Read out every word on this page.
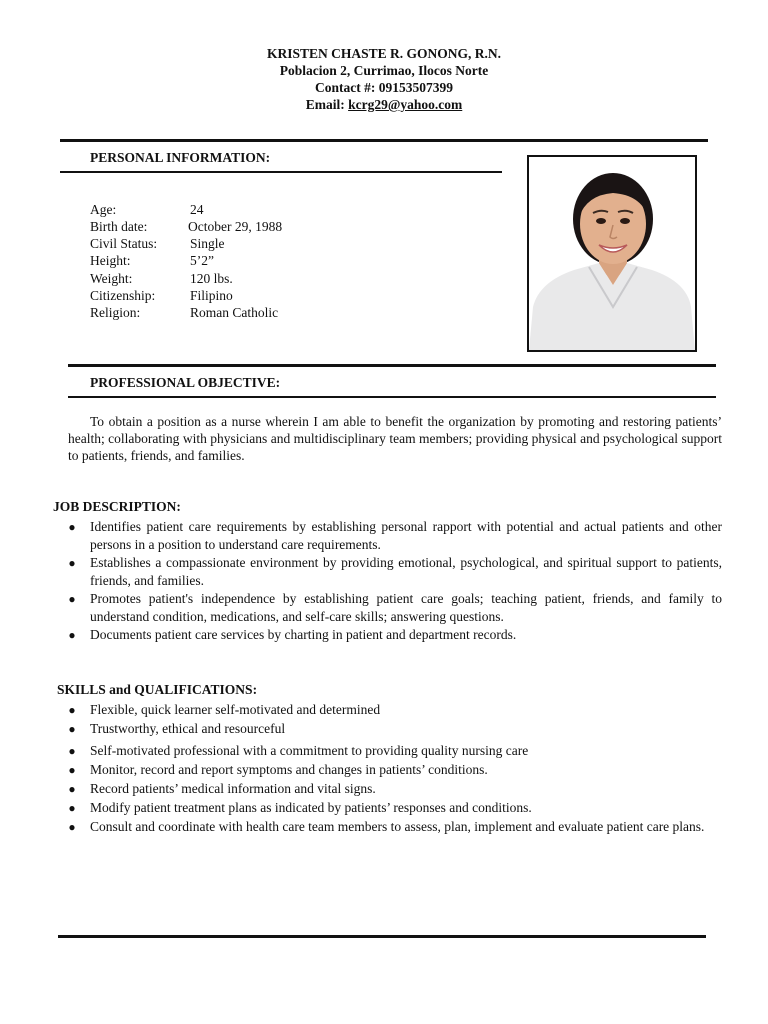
KRISTEN CHASTE R. GONONG, R.N.
Poblacion 2, Currimao, Ilocos Norte
Contact #: 09153507399
Email: kcrg29@yahoo.com
PERSONAL INFORMATION:
Age:	24
Birth date:	October 29, 1988
Civil Status: Single
Height:	5’2”
Weight:	120 lbs.
Citizenship:	Filipino
Religion:	Roman Catholic
PROFESSIONAL OBJECTIVE:
To obtain a position as a nurse wherein I am able to benefit the organization by promoting and restoring patients’ health; collaborating with physicians and multidisciplinary team members; providing physical and psychological support to patients, friends, and families.
JOB DESCRIPTION:
● Identifies patient care requirements by establishing personal rapport with potential and actual patients and other persons in a position to understand care requirements.
● Establishes a compassionate environment by providing emotional, psychological, and spiritual support to patients, friends, and families.
● Promotes patient's independence by establishing patient care goals; teaching patient, friends, and family to understand condition, medications, and self-care skills; answering questions.
● Documents patient care services by charting in patient and department records.
SKILLS and QUALIFICATIONS:
● Flexible, quick learner self-motivated and determined
● Trustworthy, ethical and resourceful
● Self-motivated professional with a commitment to providing quality nursing care
● Monitor, record and report symptoms and changes in patients’ conditions.
● Record patients’ medical information and vital signs.
● Modify patient treatment plans as indicated by patients’ responses and conditions.
● Consult and coordinate with health care team members to assess, plan, implement and evaluate patient care plans.
